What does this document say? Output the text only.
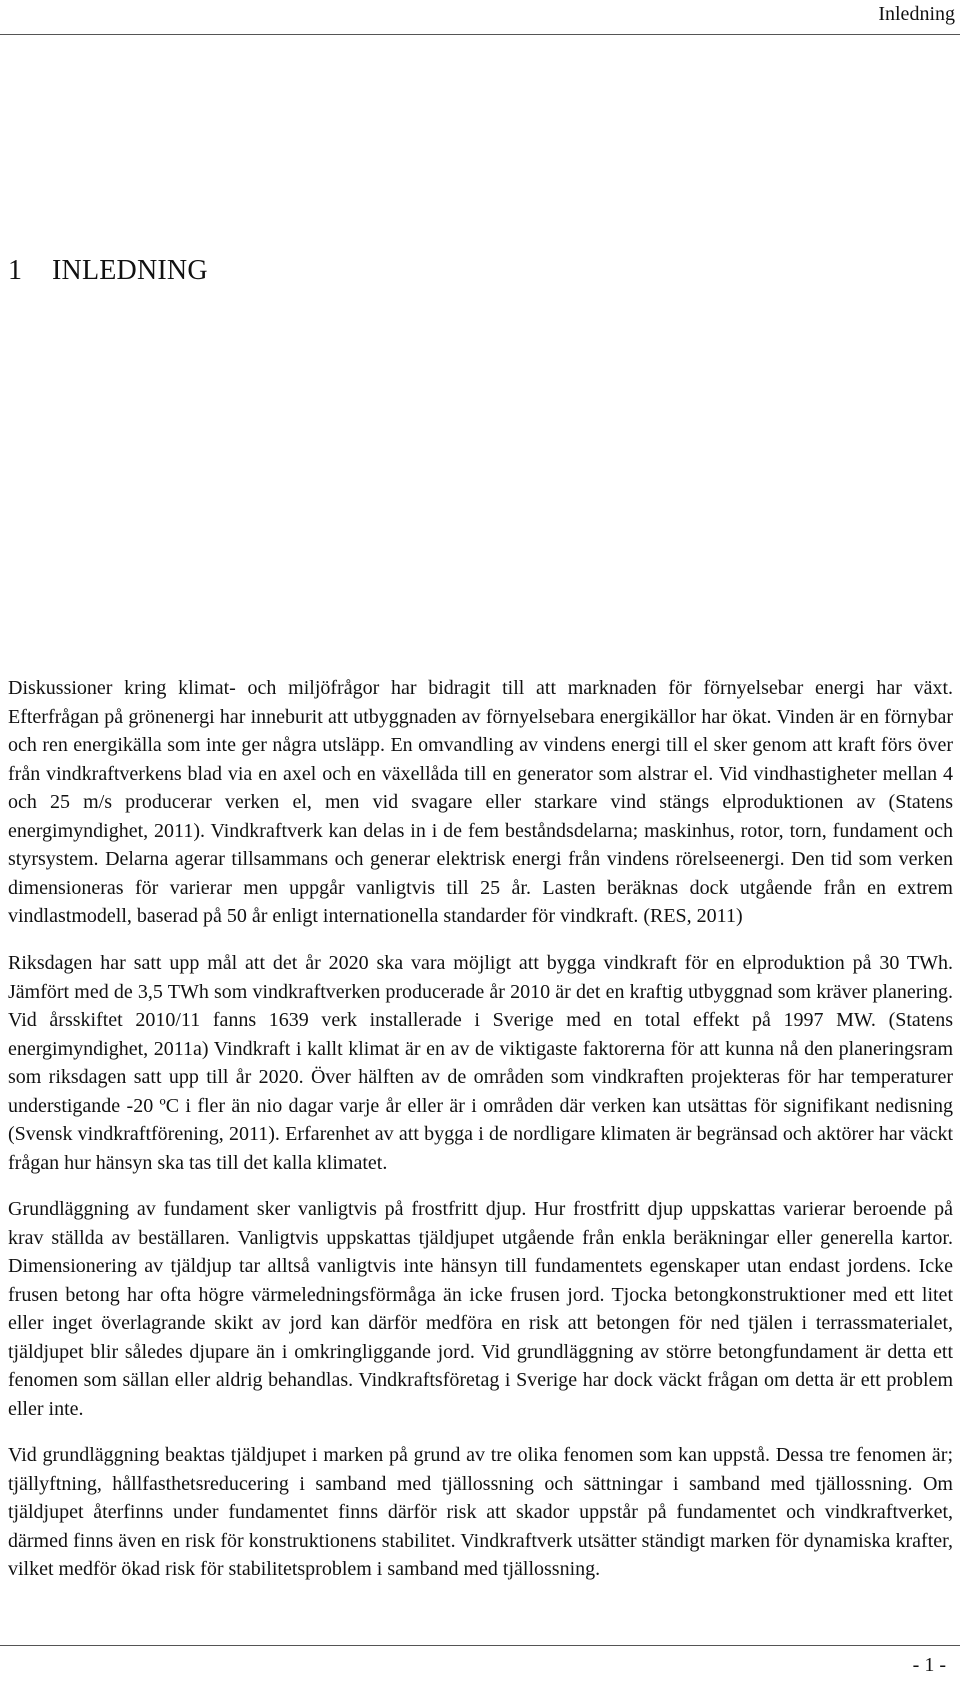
Inledning
1 INLEDNING

Diskussioner kring klimat- och miljöfrågor har bidragit till att marknaden för förnyelsebar energi har växt. Efterfrågan på grönenergi har inneburit att utbyggnaden av förnyelsebara energikällor har ökat. Vinden är en förnybar och ren energikälla som inte ger några utsläpp. En omvandling av vindens energi till el sker genom att kraft förs över från vindkraftverkens blad via en axel och en växellåda till en generator som alstrar el. Vid vindhastigheter mellan 4 och 25 m/s producerar verken el, men vid svagare eller starkare vind stängs elproduktionen av (Statens energimyndighet, 2011). Vindkraftverk kan delas in i de fem beståndsdelarna; maskinhus, rotor, torn, fundament och styrsystem. Delarna agerar tillsammans och generar elektrisk energi från vindens rörelseenergi. Den tid som verken dimensioneras för varierar men uppgår vanligtvis till 25 år. Lasten beräknas dock utgående från en extrem vindlastmodell, baserad på 50 år enligt internationella standarder för vindkraft. (RES, 2011)

Riksdagen har satt upp mål att det år 2020 ska vara möjligt att bygga vindkraft för en elproduktion på 30 TWh. Jämfört med de 3,5 TWh som vindkraftverken producerade år 2010 är det en kraftig utbyggnad som kräver planering. Vid årsskiftet 2010/11 fanns 1639 verk installerade i Sverige med en total effekt på 1997 MW. (Statens energimyndighet, 2011a) Vindkraft i kallt klimat är en av de viktigaste faktorerna för att kunna nå den planeringsram som riksdagen satt upp till år 2020. Över hälften av de områden som vindkraften projekteras för har temperaturer understigande -20 ºC i fler än nio dagar varje år eller är i områden där verken kan utsättas för signifikant nedisning (Svensk vindkraftförening, 2011). Erfarenhet av att bygga i de nordligare klimaten är begränsad och aktörer har väckt frågan hur hänsyn ska tas till det kalla klimatet.

Grundläggning av fundament sker vanligtvis på frostfritt djup. Hur frostfritt djup uppskattas varierar beroende på krav ställda av beställaren. Vanligtvis uppskattas tjäldjupet utgående från enkla beräkningar eller generella kartor. Dimensionering av tjäldjup tar alltså vanligtvis inte hänsyn till fundamentets egenskaper utan endast jordens. Icke frusen betong har ofta högre värmeledningsförmåga än icke frusen jord. Tjocka betongkonstruktioner med ett litet eller inget överlagrande skikt av jord kan därför medföra en risk att betongen för ned tjälen i terrassmaterialet, tjäldjupet blir således djupare än i omkringliggande jord. Vid grundläggning av större betongfundament är detta ett fenomen som sällan eller aldrig behandlas. Vindkraftsföretag i Sverige har dock väckt frågan om detta är ett problem eller inte.

Vid grundläggning beaktas tjäldjupet i marken på grund av tre olika fenomen som kan uppstå. Dessa tre fenomen är; tjällyftning, hållfasthetsreducering i samband med tjällossning och sättningar i samband med tjällossning. Om tjäldjupet återfinns under fundamentet finns därför risk att skador uppstår på fundamentet och vindkraftverket, därmed finns även en risk för konstruktionens stabilitet. Vindkraftverk utsätter ständigt marken för dynamiska krafter, vilket medför ökad risk för stabilitetsproblem i samband med tjällossning.

- 1 -
